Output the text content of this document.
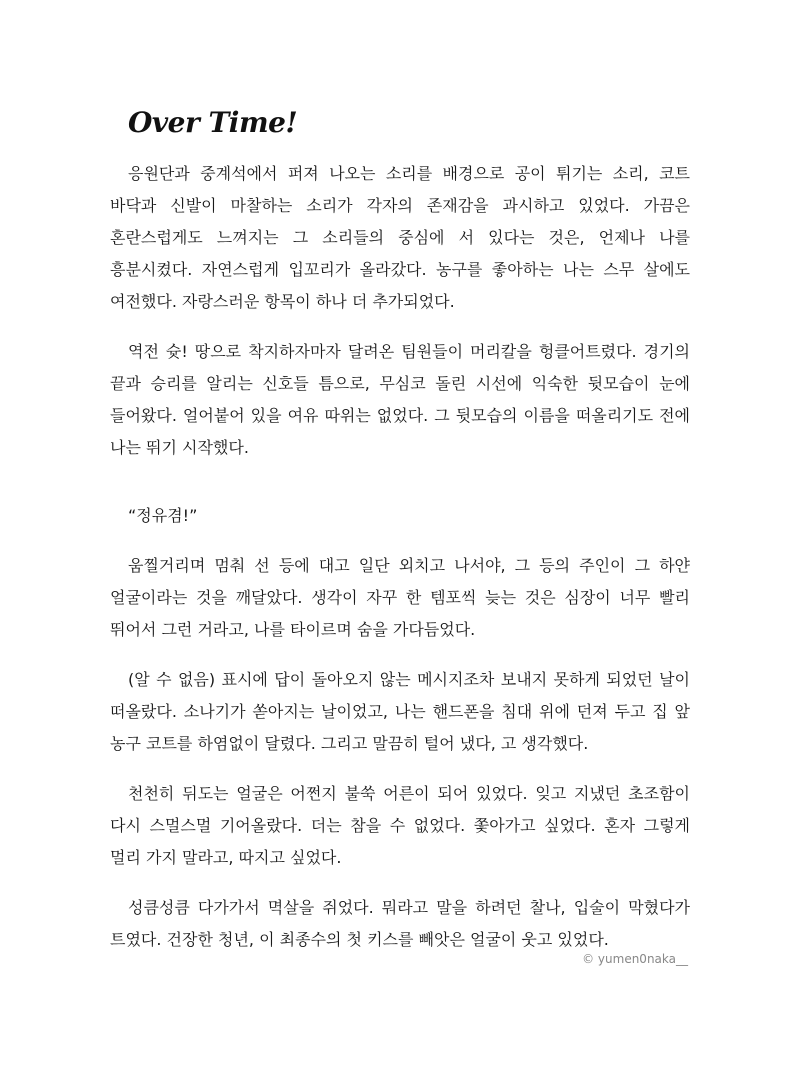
Over Time!

응원단과 중계석에서 퍼져 나오는 소리를 배경으로 공이 튀기는 소리, 코트 바닥과 신발이 마찰하는 소리가 각자의 존재감을 과시하고 있었다. 가끔은 혼란스럽게도 느껴지는 그 소리들의 중심에 서 있다는 것은, 언제나 나를 흥분시켰다. 자연스럽게 입꼬리가 올라갔다. 농구를 좋아하는 나는 스무 살에도 여전했다. 자랑스러운 항목이 하나 더 추가되었다.

역전 슛! 땅으로 착지하자마자 달려온 팀원들이 머리칼을 헝클어트렸다. 경기의 끝과 승리를 알리는 신호들 틈으로, 무심코 돌린 시선에 익숙한 뒷모습이 눈에 들어왔다. 얼어붙어 있을 여유 따위는 없었다. 그 뒷모습의 이름을 떠올리기도 전에 나는 뛰기 시작했다.

“정유겸!”

움찔거리며 멈춰 선 등에 대고 일단 외치고 나서야, 그 등의 주인이 그 하얀 얼굴이라는 것을 깨달았다. 생각이 자꾸 한 템포씩 늦는 것은 심장이 너무 빨리 뛰어서 그런 거라고, 나를 타이르며 숨을 가다듬었다.

(알 수 없음) 표시에 답이 돌아오지 않는 메시지조차 보내지 못하게 되었던 날이 떠올랐다. 소나기가 쏟아지는 날이었고, 나는 핸드폰을 침대 위에 던져 두고 집 앞 농구 코트를 하염없이 달렸다. 그리고 말끔히 털어 냈다, 고 생각했다.

천천히 뒤도는 얼굴은 어쩐지 불쑥 어른이 되어 있었다. 잊고 지냈던 초조함이 다시 스멀스멀 기어올랐다. 더는 참을 수 없었다. 쫓아가고 싶었다. 혼자 그렇게 멀리 가지 말라고, 따지고 싶었다.

성큼성큼 다가가서 멱살을 쥐었다. 뭐라고 말을 하려던 찰나, 입술이 막혔다가 트였다. 건장한 청년, 이 최종수의 첫 키스를 빼앗은 얼굴이 웃고 있었다.

© yumen0naka__
